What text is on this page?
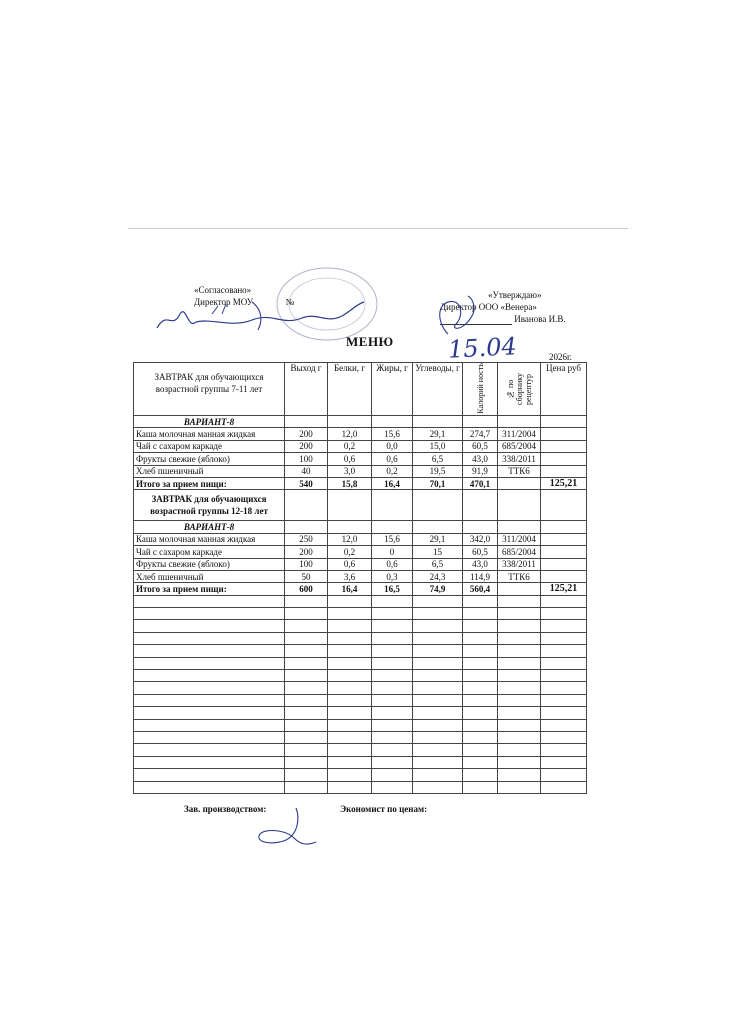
«Согласовано»
Директор МОУ	№
«Утверждаю»
Директор ООО «Венера»
Иванова И.В.
МЕНЮ 15.04	2026г.
ЗАВТРАК для обучающихся возрастной группы 7-11 лет	Выход г	Белки, г	Жиры, г	Углеводы, г	Калорий ность	№ по сборнику рецептур	Цена руб
ВАРИАНТ-8							
Каша молочная манная жидкая	200	12,0	15,6	29,1	274,7	311/2004	
Чай с сахаром каркаде	200	0,2	0,0	15,0	60,5	685/2004	
Фрукты свежие (яблоко)	100	0,6	0,6	6,5	43,0	338/2011	
Хлеб пшеничный	40	3,0	0,2	19,5	91,9	ТТК6	
Итого за прием пищи:	540	15,8	16,4	70,1	470,1		125,21
ЗАВТРАК для обучающихся возрастной группы 12-18 лет							
ВАРИАНТ-8							
Каша молочная манная жидкая	250	12,0	15,6	29,1	342,0	311/2004	
Чай с сахаром каркаде	200	0,2	0	15	60,5	685/2004	
Фрукты свежие (яблоко)	100	0,6	0,6	6,5	43,0	338/2011	
Хлеб пшеничный	50	3,6	0,3	24,3	114,9	ТТК6	
Итого за прием пищи:	600	16,4	16,5	74,9	560,4		125,21

Зав. производством:	Экономист по ценам:
